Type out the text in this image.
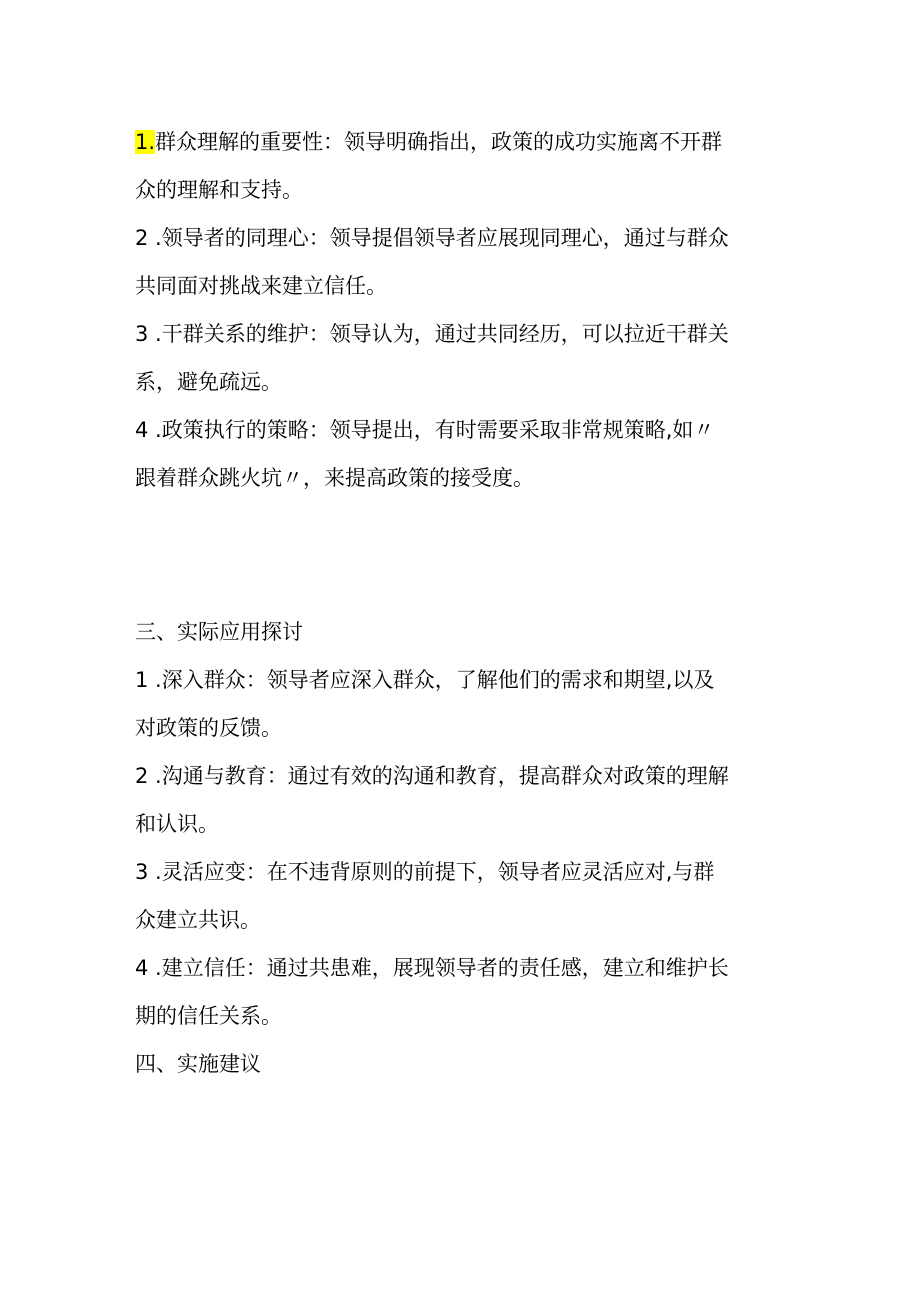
1.群众理解的重要性：领导明确指出，政策的成功实施离不开群
众的理解和支持。
2 .领导者的同理心：领导提倡领导者应展现同理心，通过与群众
共同面对挑战来建立信任。
3 .干群关系的维护：领导认为，通过共同经历，可以拉近干群关
系，避免疏远。
4 .政策执行的策略：领导提出，有时需要采取非常规策略,如〃
跟着群众跳火坑〃，来提高政策的接受度。
三、实际应用探讨
1 .深入群众：领导者应深入群众，了解他们的需求和期望,以及
对政策的反馈。
2 .沟通与教育：通过有效的沟通和教育，提高群众对政策的理解
和认识。
3 .灵活应变：在不违背原则的前提下，领导者应灵活应对,与群
众建立共识。
4 .建立信任：通过共患难，展现领导者的责任感，建立和维护长
期的信任关系。
四、实施建议
